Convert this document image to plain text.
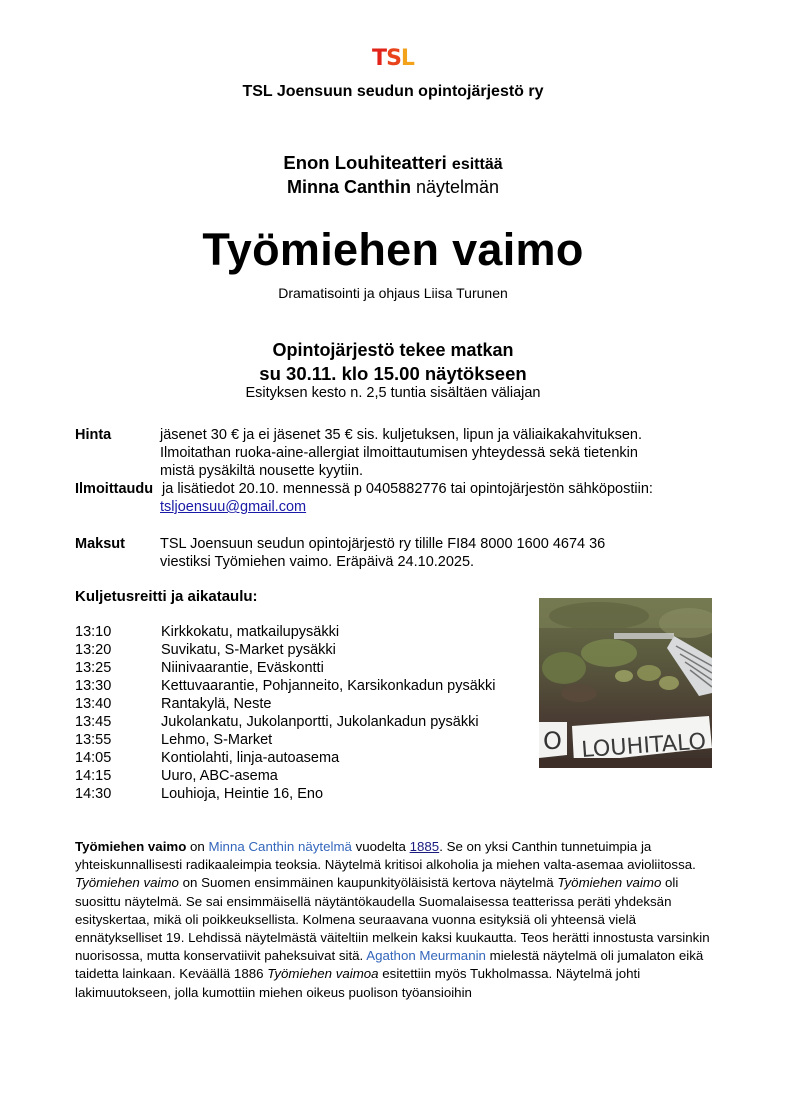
TSL
TSL Joensuun seudun opintojärjestö ry
Enon Louhiteatteri esittää
Minna Canthin näytelmän
Työmiehen vaimo
Dramatisointi ja ohjaus Liisa Turunen
Opintojärjestö tekee matkan
su 30.11. klo 15.00 näytökseen
Esityksen kesto n. 2,5 tuntia sisältäen väliajan
Hinta	jäsenet 30 € ja ei jäsenet 35 € sis. kuljetuksen, lipun ja väliaikakahvituksen.
Ilmoitathan ruoka-aine-allergiat ilmoittautumisen yhteydessä sekä tietenkin
mistä pysäkiltä nousette kyytiin.
Ilmoittaudu ja lisätiedot 20.10. mennessä p 0405882776 tai opintojärjestön sähköpostiin:
tsljoensuu@gmail.com
Maksut TSL Joensuun seudun opintojärjestö ry tilille FI84 8000 1600 4674 36
viestiksi Työmiehen vaimo. Eräpäivä 24.10.2025.
Kuljetusreitti ja aikataulu:
13:10	Kirkkokatu, matkailupysäkki
13:20	Suvikatu, S-Market pysäkki
13:25	Niinivaarantie, Eväskontti
13:30	Kettuvaarantie, Pohjanneito, Karsikonkadun pysäkki
13:40	Rantakylä, Neste
13:45	Jukolankatu, Jukolanportti, Jukolankadun pysäkki
13:55	Lehmo, S-Market
14:05	Kontiolahti, linja-autoasema
14:15	Uuro, ABC-asema
14:30	Louhioja, Heintie 16, Eno
O LOUHITALO
Työmiehen vaimo on Minna Canthin näytelmä vuodelta 1885. Se on yksi Canthin tunnetuimpia ja yhteiskunnallisesti radikaaleimpia teoksia. Näytelmä kritisoi alkoholia ja miehen valta-asemaa avioliitossa. Työmiehen vaimo on Suomen ensimmäinen kaupunkityöläisistä kertova näytelmä Työmiehen vaimo oli suosittu näytelmä. Se sai ensimmäisellä näytäntökaudella Suomalaisessa teatterissa peräti yhdeksän esityskertaa, mikä oli poikkeuksellista. Kolmena seuraavana vuonna esityksiä oli yhteensä vielä ennätykselliset 19. Lehdissä näytelmästä väiteltiin melkein kaksi kuukautta. Teos herätti innostusta varsinkin nuorisossa, mutta konservatiivit paheksuivat sitä. Agathon Meurmanin mielestä näytelmä oli jumalaton eikä taidetta lainkaan. Keväällä 1886 Työmiehen vaimoa esitettiin myös Tukholmassa. Näytelmä johti lakimuutokseen, jolla kumottiin miehen oikeus puolison työansioihin
